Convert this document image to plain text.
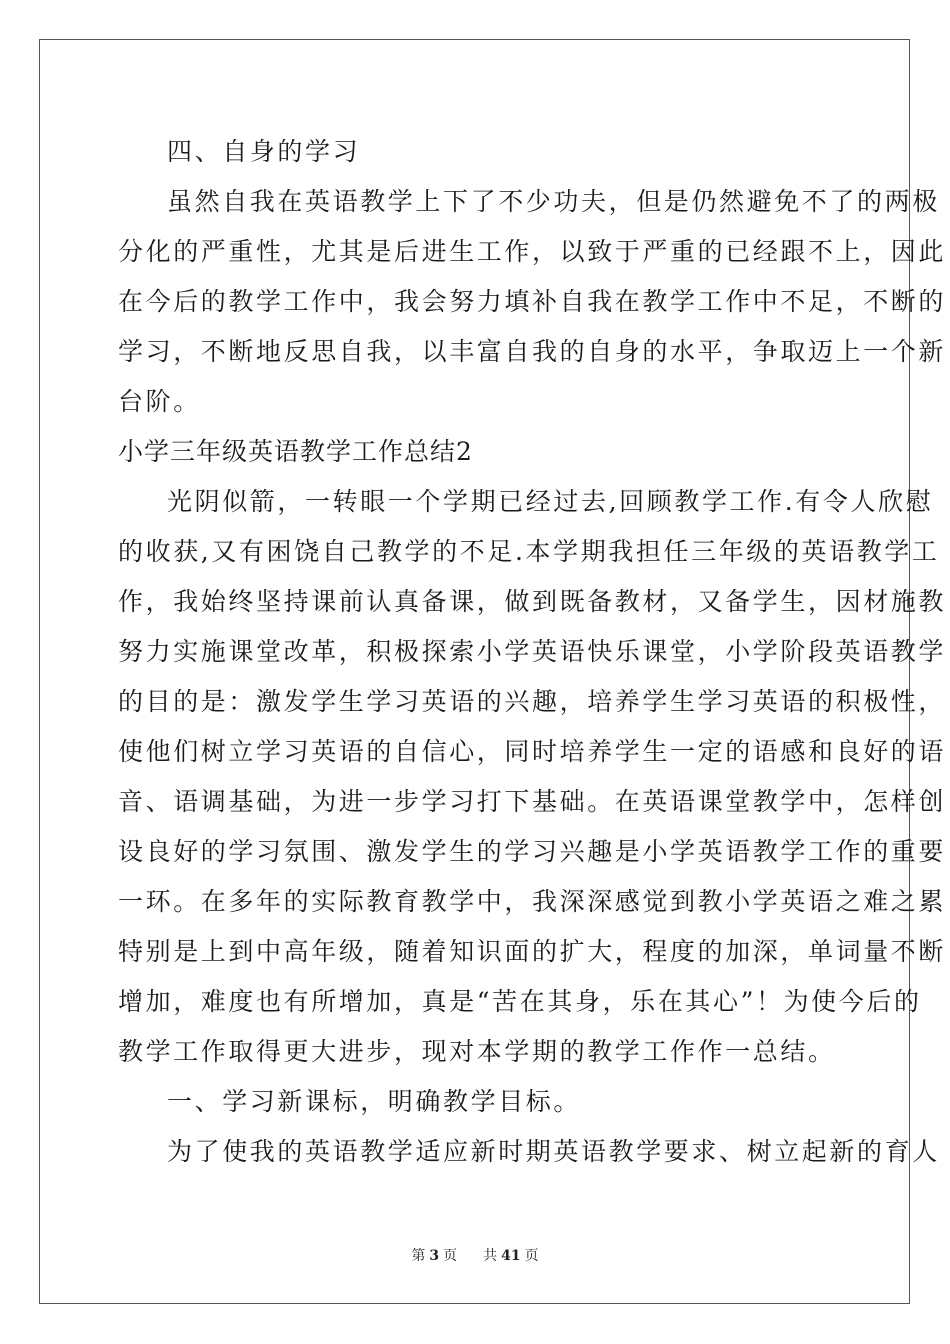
四、自身的学习
虽然自我在英语教学上下了不少功夫，但是仍然避免不了的两极
分化的严重性，尤其是后进生工作，以致于严重的已经跟不上，因此
在今后的教学工作中，我会努力填补自我在教学工作中不足，不断的
学习，不断地反思自我，以丰富自我的自身的水平，争取迈上一个新
台阶。
小学三年级英语教学工作总结2
光阴似箭，一转眼一个学期已经过去,回顾教学工作.有令人欣慰
的收获,又有困饶自己教学的不足.本学期我担任三年级的英语教学工
作，我始终坚持课前认真备课，做到既备教材，又备学生，因材施教
努力实施课堂改革，积极探索小学英语快乐课堂，小学阶段英语教学
的目的是：激发学生学习英语的兴趣，培养学生学习英语的积极性，
使他们树立学习英语的自信心，同时培养学生一定的语感和良好的语
音、语调基础，为进一步学习打下基础。在英语课堂教学中，怎样创
设良好的学习氛围、激发学生的学习兴趣是小学英语教学工作的重要
一环。在多年的实际教育教学中，我深深感觉到教小学英语之难之累
特别是上到中高年级，随着知识面的扩大，程度的加深，单词量不断
增加，难度也有所增加，真是“苦在其身，乐在其心”！为使今后的
教学工作取得更大进步，现对本学期的教学工作作一总结。
一、学习新课标，明确教学目标。
为了使我的英语教学适应新时期英语教学要求、树立起新的育人
第 3 页 共 41 页
